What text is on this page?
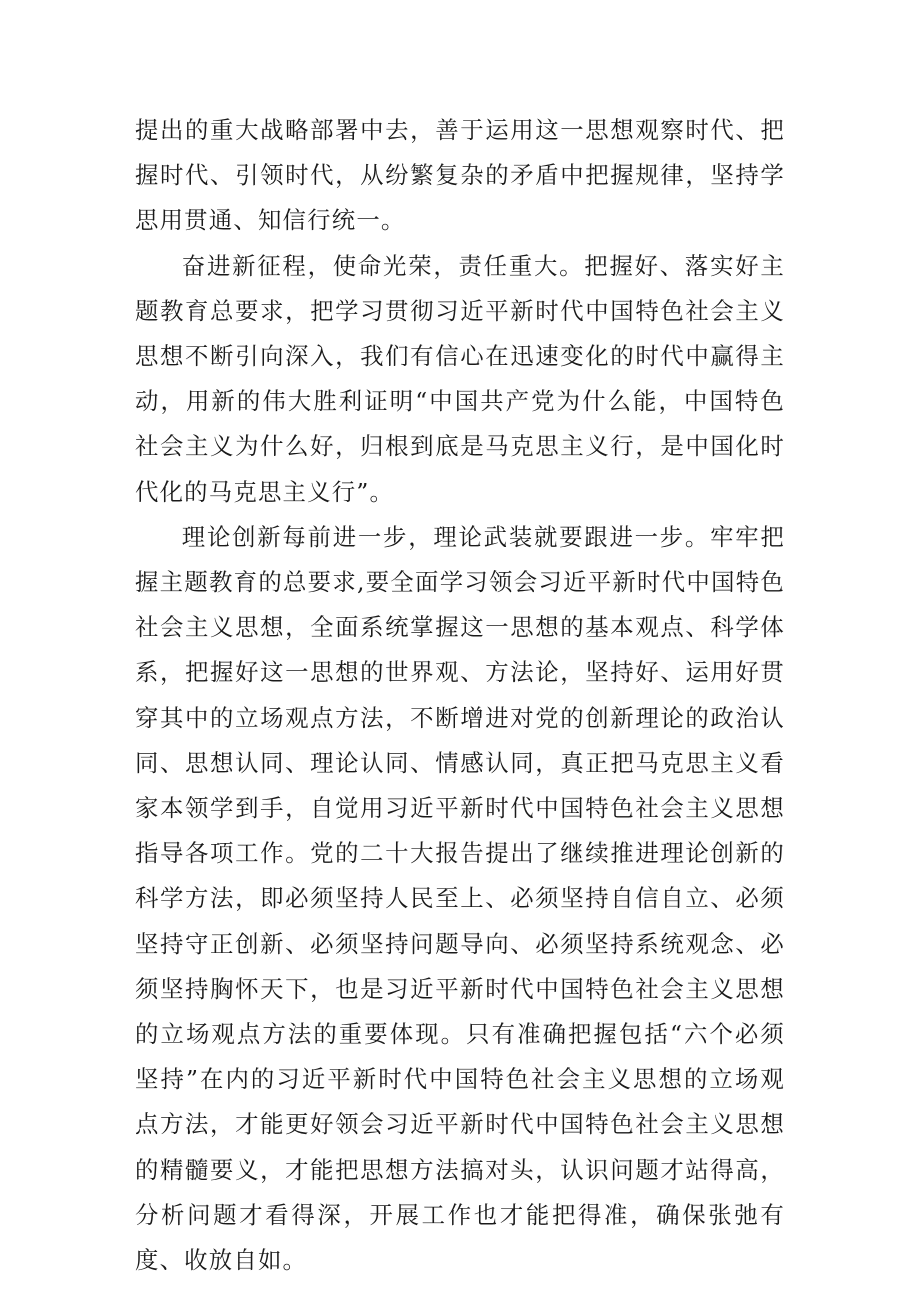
提出的重大战略部署中去，善于运用这一思想观察时代、把握时代、引领时代，从纷繁复杂的矛盾中把握规律，坚持学思用贯通、知信行统一。

奋进新征程，使命光荣，责任重大。把握好、落实好主题教育总要求，把学习贯彻习近平新时代中国特色社会主义思想不断引向深入，我们有信心在迅速变化的时代中赢得主动，用新的伟大胜利证明“中国共产党为什么能，中国特色社会主义为什么好，归根到底是马克思主义行，是中国化时代化的马克思主义行”。

理论创新每前进一步，理论武装就要跟进一步。牢牢把握主题教育的总要求,要全面学习领会习近平新时代中国特色社会主义思想，全面系统掌握这一思想的基本观点、科学体系，把握好这一思想的世界观、方法论，坚持好、运用好贯穿其中的立场观点方法，不断增进对党的创新理论的政治认同、思想认同、理论认同、情感认同，真正把马克思主义看家本领学到手，自觉用习近平新时代中国特色社会主义思想指导各项工作。党的二十大报告提出了继续推进理论创新的科学方法，即必须坚持人民至上、必须坚持自信自立、必须坚持守正创新、必须坚持问题导向、必须坚持系统观念、必须坚持胸怀天下，也是习近平新时代中国特色社会主义思想的立场观点方法的重要体现。只有准确把握包括“六个必须坚持”在内的习近平新时代中国特色社会主义思想的立场观点方法，才能更好领会习近平新时代中国特色社会主义思想的精髓要义，才能把思想方法搞对头，认识问题才站得高，分析问题才看得深，开展工作也才能把得准，确保张弛有度、收放自如。
